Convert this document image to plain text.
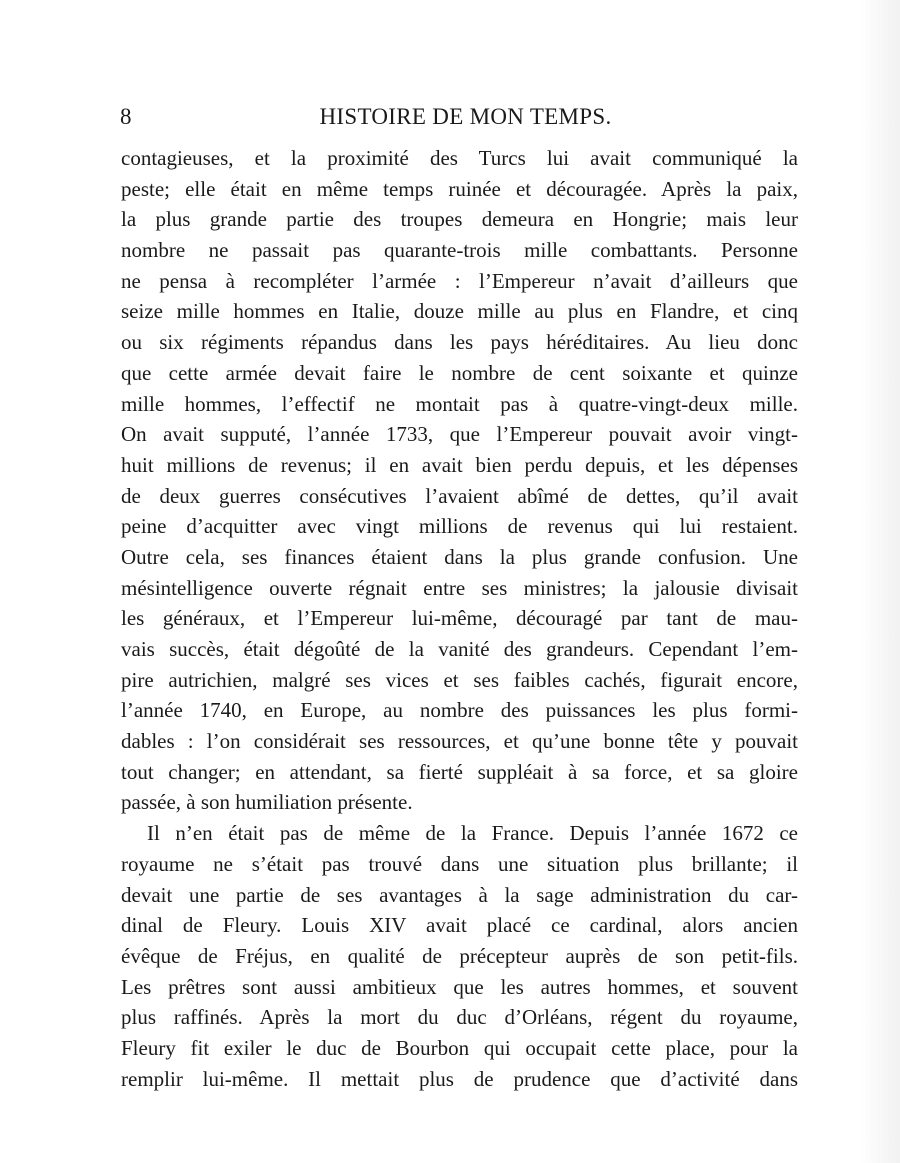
8	HISTOIRE DE MON TEMPS.
contagieuses, et la proximité des Turcs lui avait communiqué la
peste; elle était en même temps ruinée et découragée. Après la paix,
la plus grande partie des troupes demeura en Hongrie; mais leur
nombre ne passait pas quarante-trois mille combattants. Personne
ne pensa à recompléter l’armée : l’Empereur n’avait d’ailleurs que
seize mille hommes en Italie, douze mille au plus en Flandre, et cinq
ou six régiments répandus dans les pays héréditaires. Au lieu donc
que cette armée devait faire le nombre de cent soixante et quinze
mille hommes, l’effectif ne montait pas à quatre-vingt-deux mille.
On avait supputé, l’année 1733, que l’Empereur pouvait avoir vingt-
huit millions de revenus; il en avait bien perdu depuis, et les dépenses
de deux guerres consécutives l’avaient abîmé de dettes, qu’il avait
peine d’acquitter avec vingt millions de revenus qui lui restaient.
Outre cela, ses finances étaient dans la plus grande confusion. Une
mésintelligence ouverte régnait entre ses ministres; la jalousie divisait
les généraux, et l’Empereur lui-même, découragé par tant de mau-
vais succès, était dégoûté de la vanité des grandeurs. Cependant l’em-
pire autrichien, malgré ses vices et ses faibles cachés, figurait encore,
l’année 1740, en Europe, au nombre des puissances les plus formi-
dables : l’on considérait ses ressources, et qu’une bonne tête y pouvait
tout changer; en attendant, sa fierté suppléait à sa force, et sa gloire
passée, à son humiliation présente.
Il n’en était pas de même de la France. Depuis l’année 1672 ce
royaume ne s’était pas trouvé dans une situation plus brillante; il
devait une partie de ses avantages à la sage administration du car-
dinal de Fleury. Louis XIV avait placé ce cardinal, alors ancien
évêque de Fréjus, en qualité de précepteur auprès de son petit-fils.
Les prêtres sont aussi ambitieux que les autres hommes, et souvent
plus raffinés. Après la mort du duc d’Orléans, régent du royaume,
Fleury fit exiler le duc de Bourbon qui occupait cette place, pour la
remplir lui-même. Il mettait plus de prudence que d’activité dans
